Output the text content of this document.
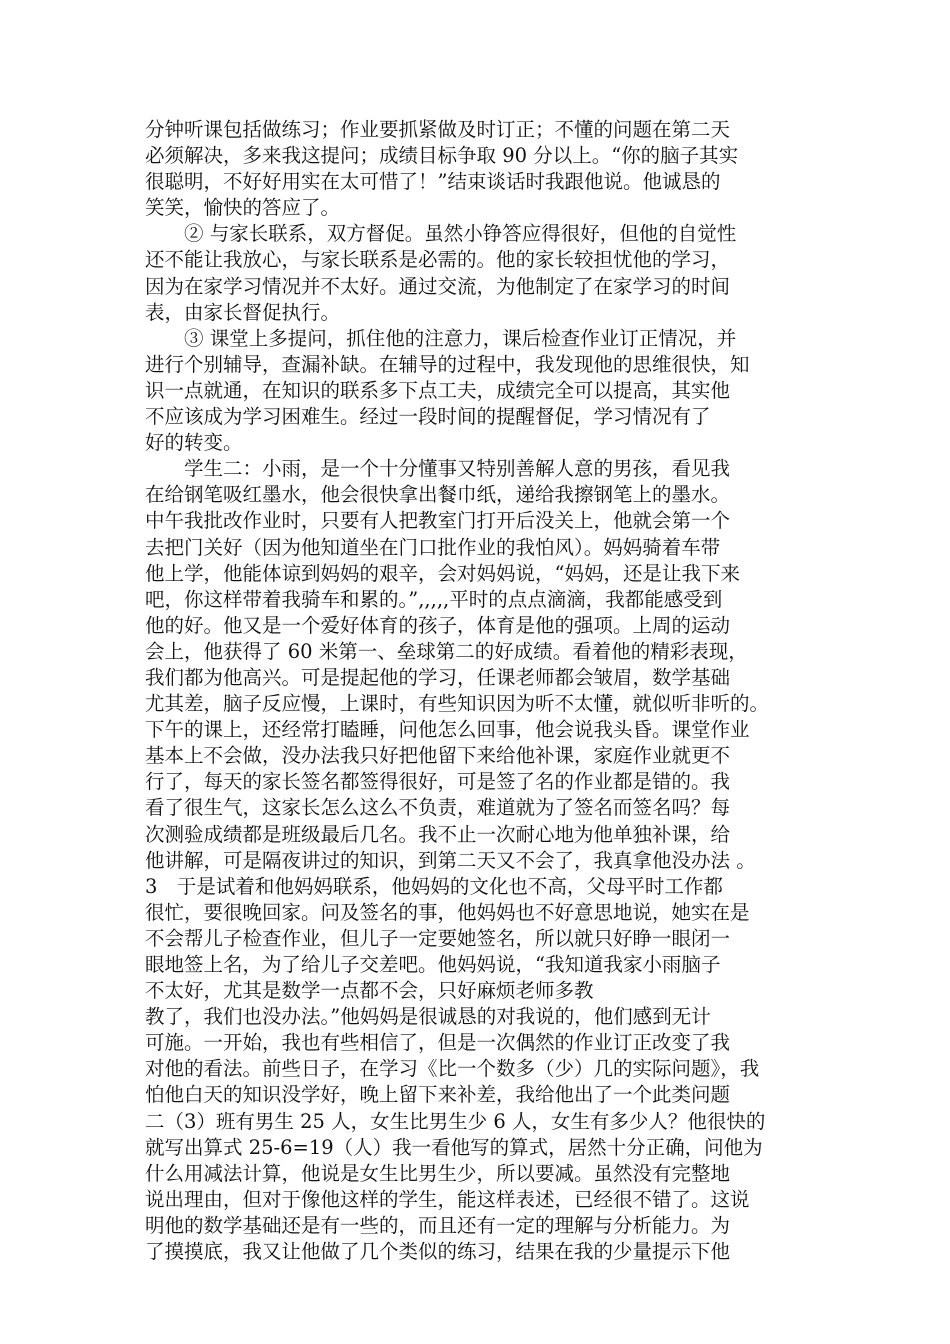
分钟听课包括做练习；作业要抓紧做及时订正；不懂的问题在第二天
必须解决，多来我这提问；成绩目标争取 90 分以上。“你的脑子其实
很聪明，不好好用实在太可惜了！”结束谈话时我跟他说。他诚恳的
笑笑，愉快的答应了。
　　② 与家长联系，双方督促。虽然小铮答应得很好，但他的自觉性
还不能让我放心，与家长联系是必需的。他的家长较担忧他的学习，
因为在家学习情况并不太好。通过交流，为他制定了在家学习的时间
表，由家长督促执行。
　　③ 课堂上多提问，抓住他的注意力，课后检查作业订正情况，并
进行个别辅导，查漏补缺。在辅导的过程中，我发现他的思维很快，知
识一点就通，在知识的联系多下点工夫，成绩完全可以提高，其实他
不应该成为学习困难生。经过一段时间的提醒督促，学习情况有了
好的转变。
　　学生二：小雨，是一个十分懂事又特别善解人意的男孩，看见我
在给钢笔吸红墨水，他会很快拿出餐巾纸，递给我擦钢笔上的墨水。
中午我批改作业时，只要有人把教室门打开后没关上，他就会第一个
去把门关好（因为他知道坐在门口批作业的我怕风）。妈妈骑着车带
他上学，他能体谅到妈妈的艰辛，会对妈妈说，“妈妈，还是让我下来
吧，你这样带着我骑车和累的。”,,,,,平时的点点滴滴，我都能感受到
他的好。他又是一个爱好体育的孩子，体育是他的强项。上周的运动
会上，他获得了 60 米第一、垒球第二的好成绩。看着他的精彩表现，
我们都为他高兴。可是提起他的学习，任课老师都会皱眉，数学基础
尤其差，脑子反应慢，上课时，有些知识因为听不太懂，就似听非听的。
下午的课上，还经常打瞌睡，问他怎么回事，他会说我头昏。课堂作业
基本上不会做，没办法我只好把他留下来给他补课，家庭作业就更不
行了，每天的家长签名都签得很好，可是签了名的作业都是错的。我
看了很生气，这家长怎么这么不负责，难道就为了签名而签名吗？每
次测验成绩都是班级最后几名。我不止一次耐心地为他单独补课，给
他讲解，可是隔夜讲过的知识，到第二天又不会了，我真拿他没办法 。
3　于是试着和他妈妈联系，他妈妈的文化也不高，父母平时工作都
很忙，要很晚回家。问及签名的事，他妈妈也不好意思地说，她实在是
不会帮儿子检查作业，但儿子一定要她签名，所以就只好睁一眼闭一
眼地签上名，为了给儿子交差吧。他妈妈说，“我知道我家小雨脑子
不太好，尤其是数学一点都不会，只好麻烦老师多教
教了，我们也没办法。”他妈妈是很诚恳的对我说的，他们感到无计
可施。一开始，我也有些相信了，但是一次偶然的作业订正改变了我
对他的看法。前些日子，在学习《比一个数多（少）几的实际问题》，我
怕他白天的知识没学好，晚上留下来补差，我给他出了一个此类问题
二（3）班有男生 25 人，女生比男生少 6 人，女生有多少人？他很快的
就写出算式 25-6=19（人）我一看他写的算式，居然十分正确，问他为
什么用减法计算，他说是女生比男生少，所以要减。虽然没有完整地
说出理由，但对于像他这样的学生，能这样表述，已经很不错了。这说
明他的数学基础还是有一些的，而且还有一定的理解与分析能力。为
了摸摸底，我又让他做了几个类似的练习，结果在我的少量提示下他
